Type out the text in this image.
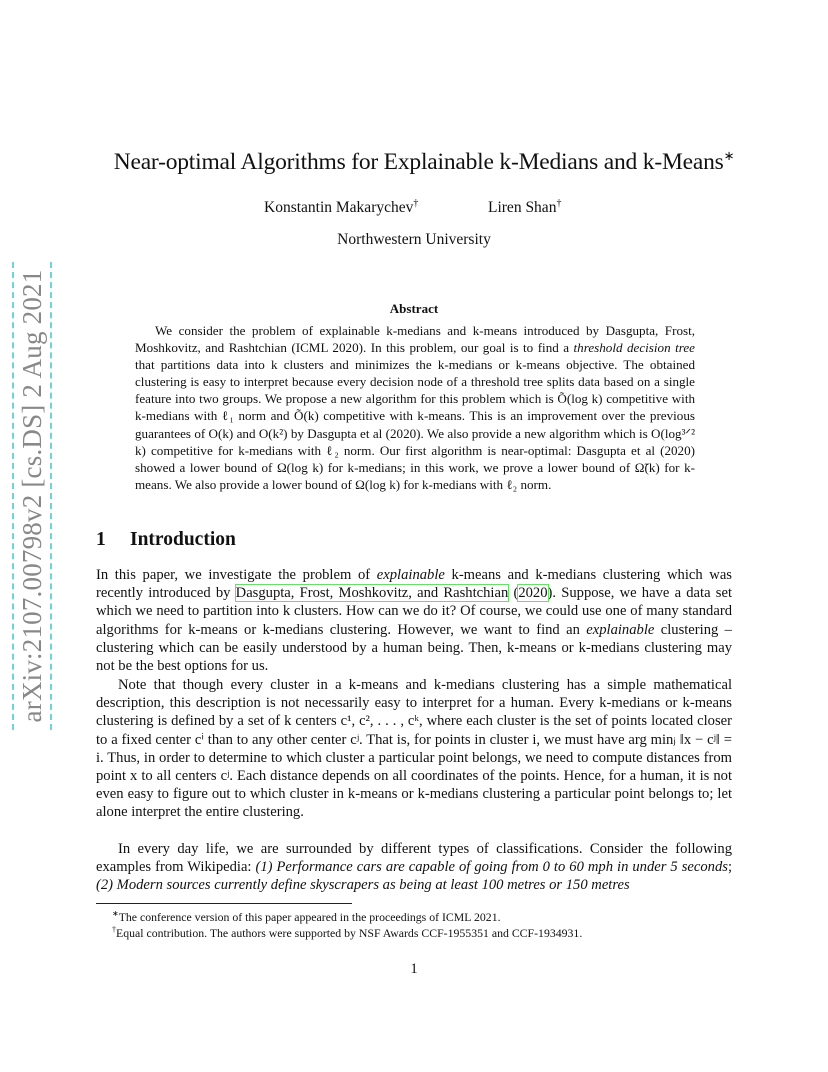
arXiv:2107.00798v2 [cs.DS] 2 Aug 2021
Near-optimal Algorithms for Explainable k-Medians and k-Means∗
Konstantin Makarychev†	Liren Shan†
Northwestern University
Abstract

We consider the problem of explainable k-medians and k-means introduced by Dasgupta, Frost, Moshkovitz, and Rashtchian (ICML 2020). In this problem, our goal is to find a threshold decision tree that partitions data into k clusters and minimizes the k-medians or k-means objective. The obtained clustering is easy to interpret because every decision node of a threshold tree splits data based on a single feature into two groups. We propose a new algorithm for this problem which is Õ(log k) competitive with k-medians with ℓ₁ norm and Õ(k) competitive with k-means. This is an improvement over the previous guarantees of O(k) and O(k²) by Dasgupta et al (2020). We also provide a new algorithm which is O(log³ᐟ² k) competitive for k-medians with ℓ₂ norm. Our first algorithm is near-optimal: Dasgupta et al (2020) showed a lower bound of Ω(log k) for k-medians; in this work, we prove a lower bound of Ω̃(k) for k-means. We also provide a lower bound of Ω(log k) for k-medians with ℓ₂ norm.

1 Introduction

In this paper, we investigate the problem of explainable k-means and k-medians clustering which was recently introduced by Dasgupta, Frost, Moshkovitz, and Rashtchian (2020). Suppose, we have a data set which we need to partition into k clusters. How can we do it? Of course, we could use one of many standard algorithms for k-means or k-medians clustering. However, we want to find an explainable clustering – clustering which can be easily understood by a human being. Then, k-means or k-medians clustering may not be the best options for us.

Note that though every cluster in a k-means and k-medians clustering has a simple mathematical description, this description is not necessarily easy to interpret for a human. Every k-medians or k-means clustering is defined by a set of k centers c¹, c², . . . , cᵏ, where each cluster is the set of points located closer to a fixed center cⁱ than to any other center cʲ. That is, for points in cluster i, we must have arg minⱼ ‖x − cʲ‖ = i. Thus, in order to determine to which cluster a particular point belongs, we need to compute distances from point x to all centers cʲ. Each distance depends on all coordinates of the points. Hence, for a human, it is not even easy to figure out to which cluster in k-means or k-medians clustering a particular point belongs to; let alone interpret the entire clustering.

In every day life, we are surrounded by different types of classifications. Consider the following examples from Wikipedia: (1) Performance cars are capable of going from 0 to 60 mph in under 5 seconds; (2) Modern sources currently define skyscrapers as being at least 100 metres or 150 metres

∗The conference version of this paper appeared in the proceedings of ICML 2021.
†Equal contribution. The authors were supported by NSF Awards CCF-1955351 and CCF-1934931.
1
